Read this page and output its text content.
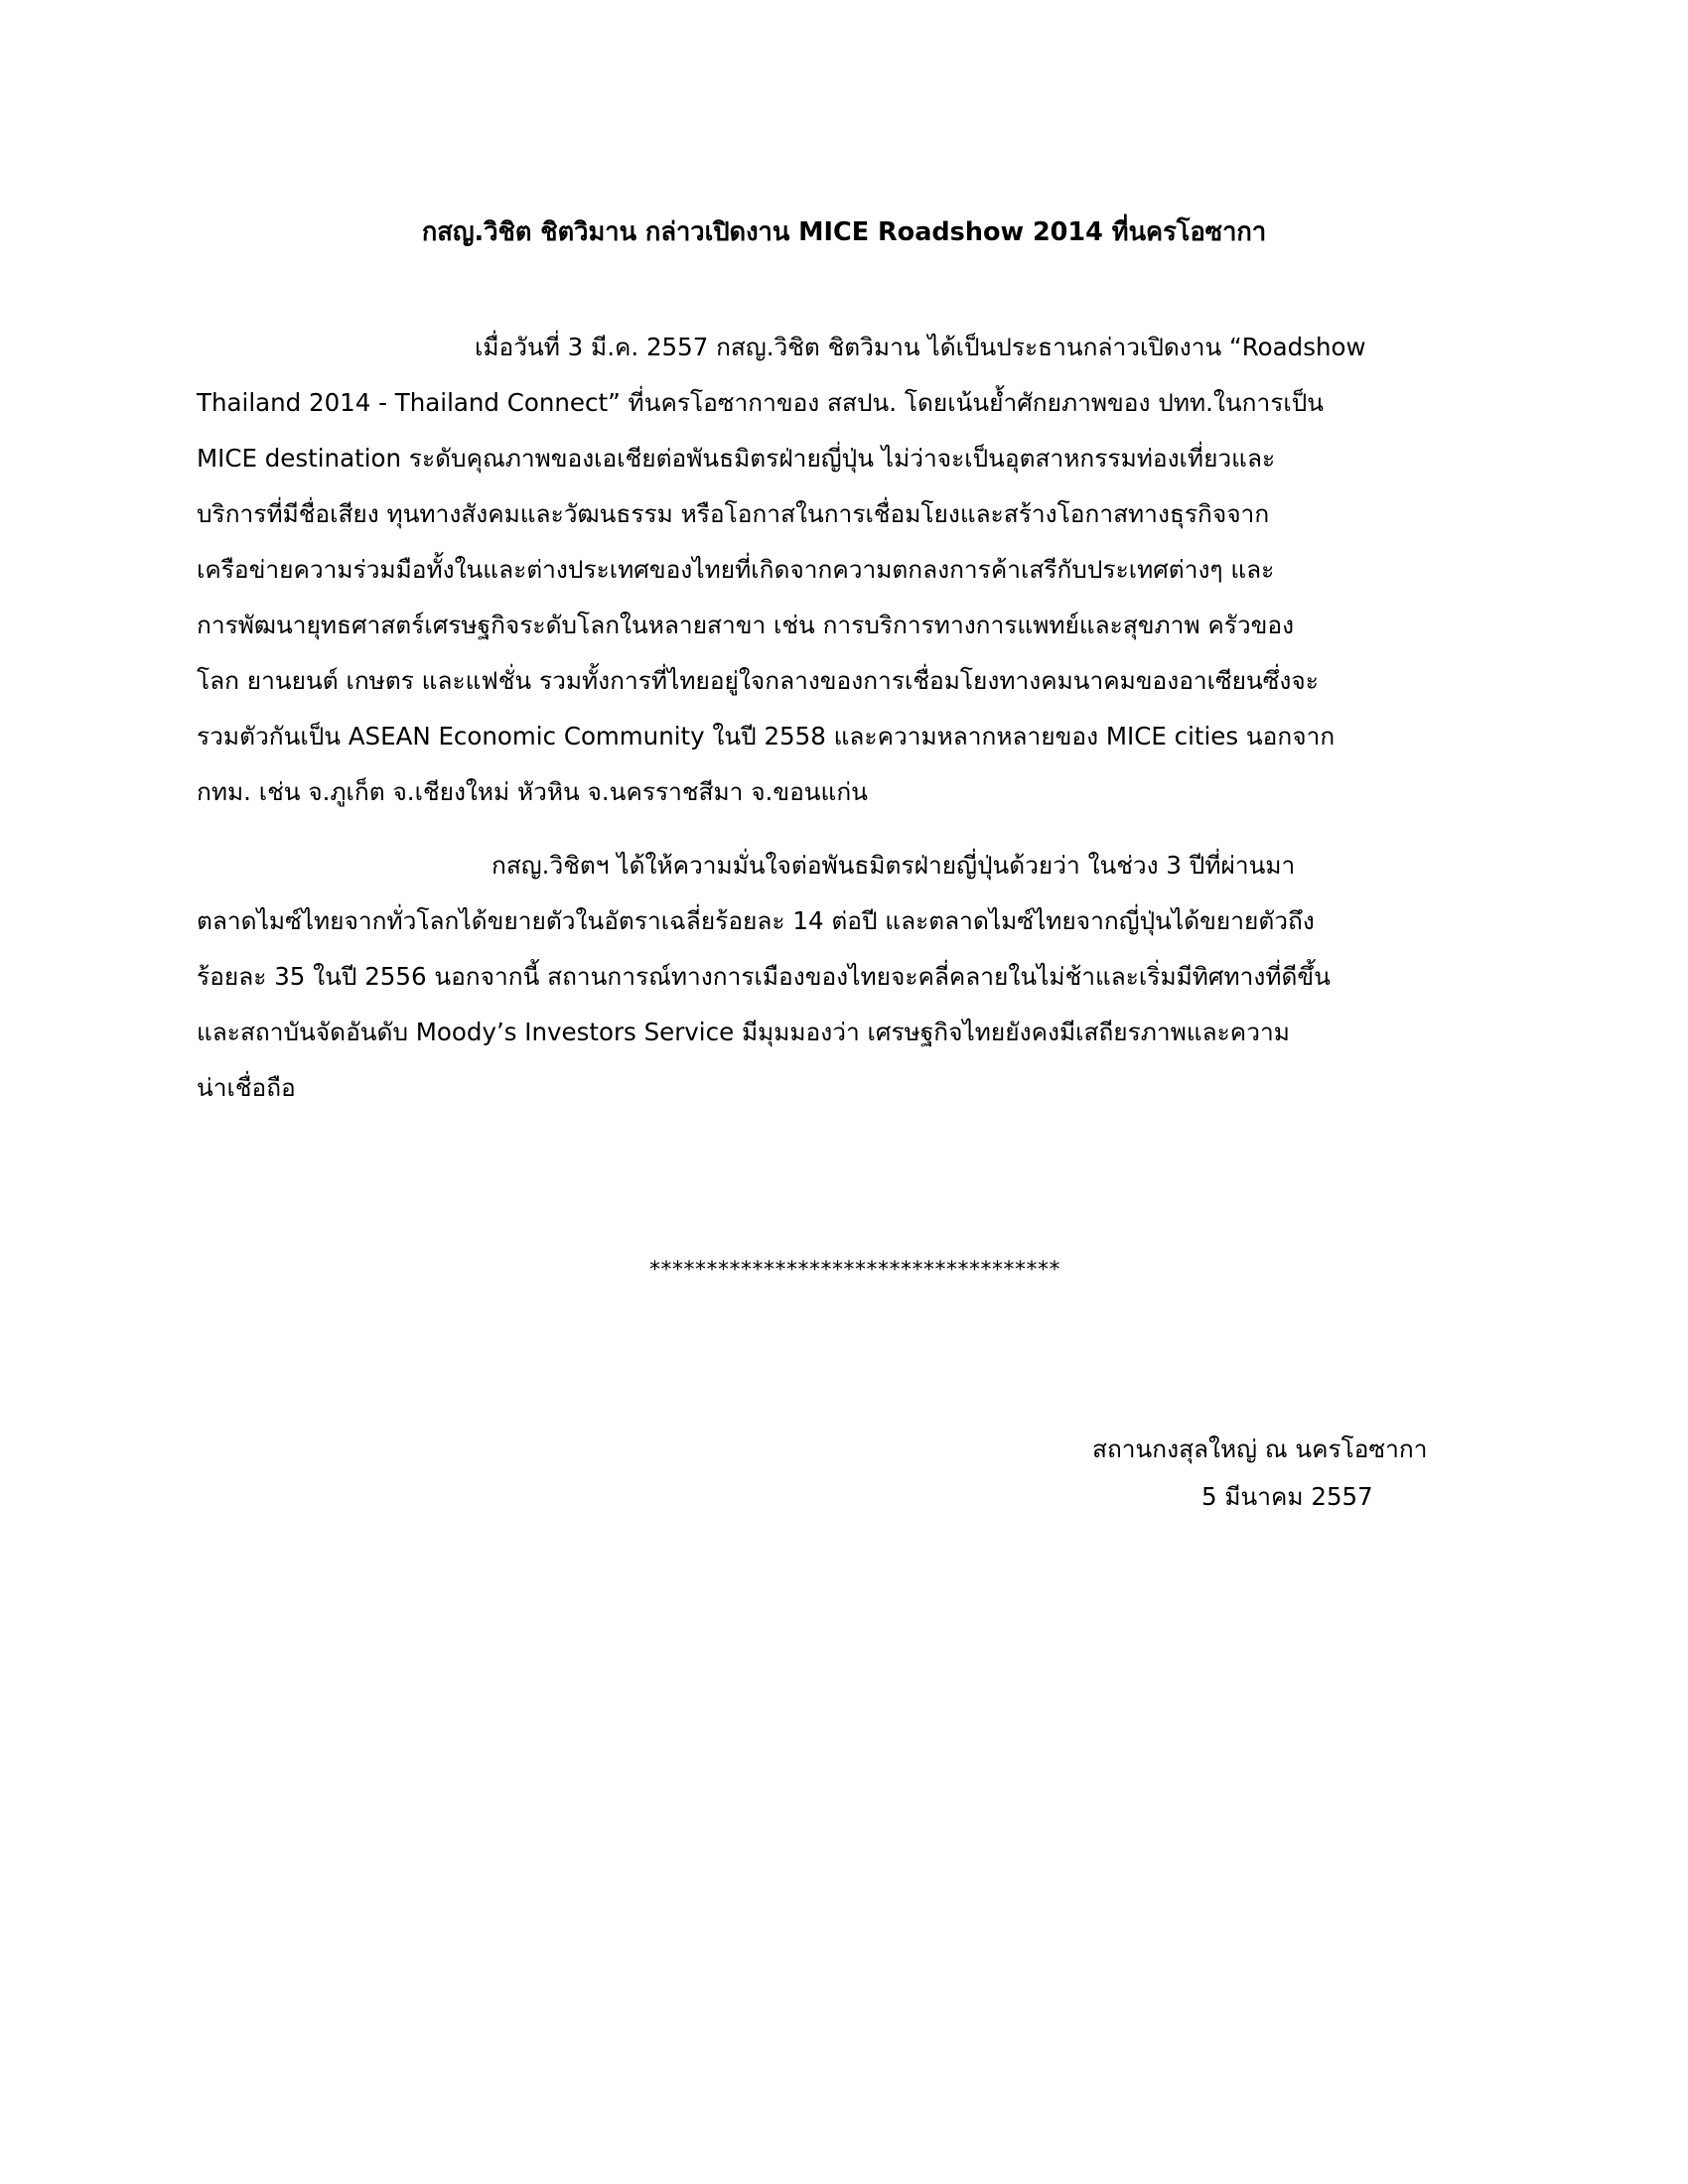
กสญ.วิชิต ชิตวิมาน กล่าวเปิดงาน MICE Roadshow 2014 ที่นครโอซากา
เมื่อวันที่ 3 มี.ค. 2557 กสญ.วิชิต ชิตวิมาน ได้เป็นประธานกล่าวเปิดงาน “Roadshow
Thailand 2014 - Thailand Connect” ที่นครโอซากาของ สสปน. โดยเน้นย้ำศักยภาพของ ปทท.ในการเป็น
MICE destination ระดับคุณภาพของเอเชียต่อพันธมิตรฝ่ายญี่ปุ่น ไม่ว่าจะเป็นอุตสาหกรรมท่องเที่ยวและ
บริการที่มีชื่อเสียง ทุนทางสังคมและวัฒนธรรม หรือโอกาสในการเชื่อมโยงและสร้างโอกาสทางธุรกิจจาก
เครือข่ายความร่วมมือทั้งในและต่างประเทศของไทยที่เกิดจากความตกลงการค้าเสรีกับประเทศต่างๆ และ
การพัฒนายุทธศาสตร์เศรษฐกิจระดับโลกในหลายสาขา เช่น การบริการทางการแพทย์และสุขภาพ ครัวของ
โลก ยานยนต์ เกษตร และแฟชั่น รวมทั้งการที่ไทยอยู่ใจกลางของการเชื่อมโยงทางคมนาคมของอาเซียนซึ่งจะ
รวมตัวกันเป็น ASEAN Economic Community ในปี 2558 และความหลากหลายของ MICE cities นอกจาก
กทม. เช่น จ.ภูเก็ต จ.เชียงใหม่ หัวหิน จ.นครราชสีมา จ.ขอนแก่น
กสญ.วิชิตฯ ได้ให้ความมั่นใจต่อพันธมิตรฝ่ายญี่ปุ่นด้วยว่า ในช่วง 3 ปีที่ผ่านมา
ตลาดไมซ์ไทยจากทั่วโลกได้ขยายตัวในอัตราเฉลี่ยร้อยละ 14 ต่อปี และตลาดไมซ์ไทยจากญี่ปุ่นได้ขยายตัวถึง
ร้อยละ 35 ในปี 2556 นอกจากนี้ สถานการณ์ทางการเมืองของไทยจะคลี่คลายในไม่ช้าและเริ่มมีทิศทางที่ดีขึ้น
และสถาบันจัดอันดับ Moody’s Investors Service มีมุมมองว่า เศรษฐกิจไทยยังคงมีเสถียรภาพและความ
น่าเชื่อถือ
************************************
สถานกงสุลใหญ่ ณ นครโอซากา
5 มีนาคม 2557
